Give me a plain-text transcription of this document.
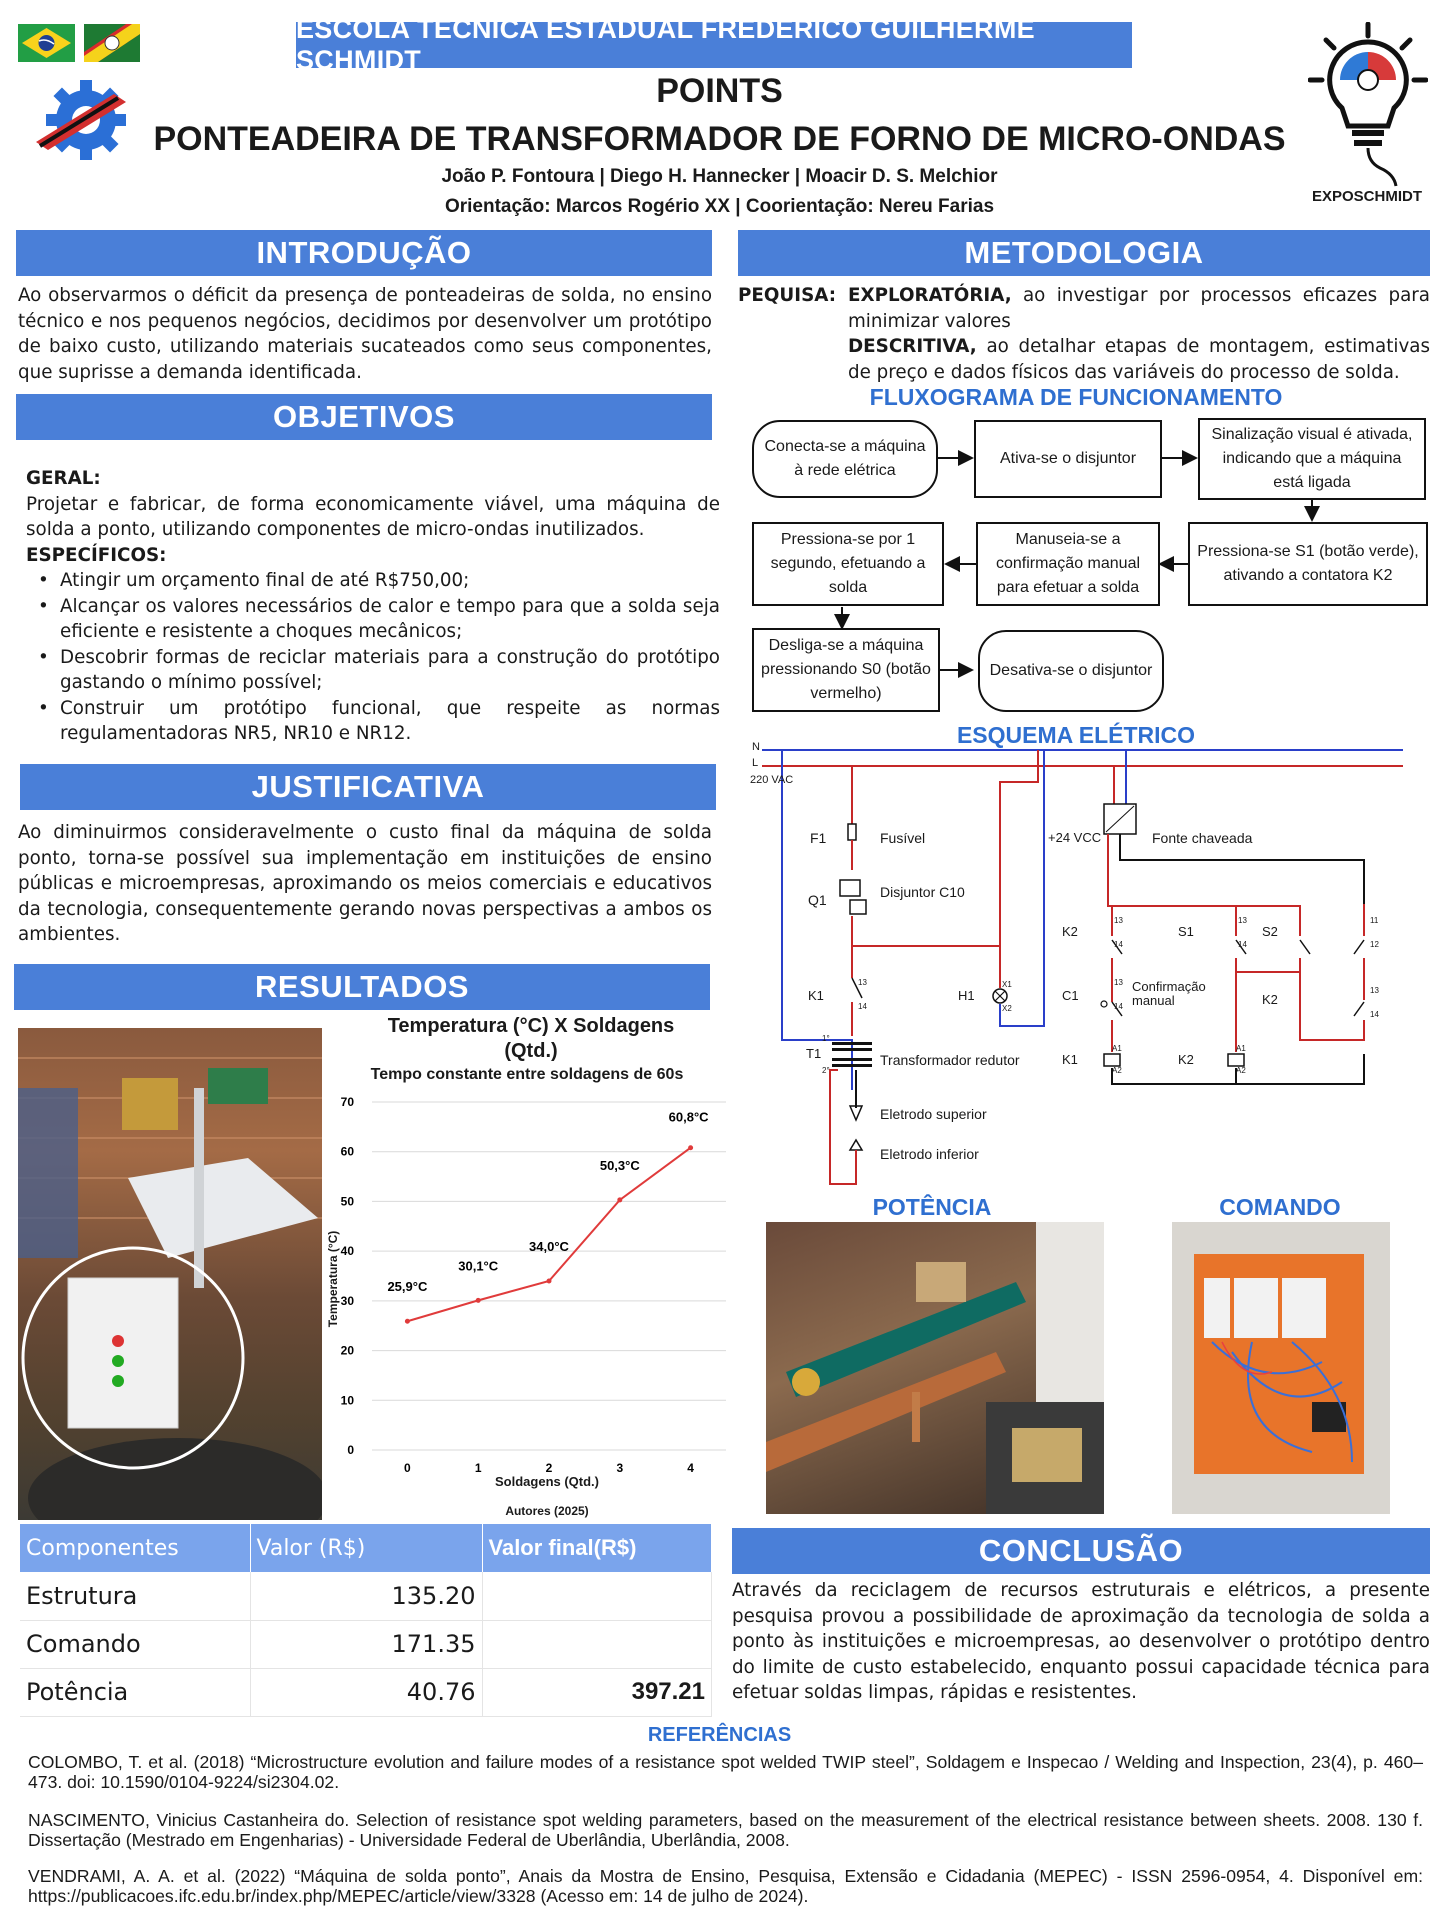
ESCOLA TÉCNICA ESTADUAL FREDERICO GUILHERME SCHMIDT
POINTS
PONTEADEIRA DE TRANSFORMADOR DE FORNO DE MICRO-ONDAS
João P. Fontoura | Diego H. Hannecker | Moacir D. S. Melchior
Orientação: Marcos Rogério XX | Coorientação: Nereu Farias	EXPOSCHMIDT
INTRODUÇÃO
Ao observarmos o déficit da presença de ponteadeiras de solda, no ensino técnico e nos pequenos negócios, decidimos por desenvolver um protótipo de baixo custo, utilizando materiais sucateados como seus componentes, que suprisse a demanda identificada.
OBJETIVOS
GERAL:
Projetar e fabricar, de forma economicamente viável, uma máquina de solda a ponto, utilizando componentes de micro-ondas inutilizados.
ESPECÍFICOS:
• Atingir um orçamento final de até R$750,00;
• Alcançar os valores necessários de calor e tempo para que a solda seja eficiente e resistente a choques mecânicos;
• Descobrir formas de reciclar materiais para a construção do protótipo gastando o mínimo possível;
• Construir um protótipo funcional, que respeite as normas regulamentadoras NR5, NR10 e NR12.
JUSTIFICATIVA
Ao diminuirmos consideravelmente o custo final da máquina de solda ponto, torna-se possível sua implementação em instituições de ensino públicas e microempresas, aproximando os meios comerciais e educativos da tecnologia, consequentemente gerando novas perspectivas a ambos os ambientes.
RESULTADOS
Temperatura (°C) X Soldagens (Qtd.)
Tempo constante entre soldagens de 60s
0
10
20
30
40
50
60
70
0	1	2	3	4
25,9°C
30,1°C
34,0°C
50,3°C
60,8°C
Soldagens (Qtd.)
Autores (2025)
Temperatura (°C)
Componentes	Valor (R$)	Valor final(R$)
Estrutura	135.20	
Comando	171.35	
Potência	40.76	397.21
METODOLOGIA
PEQUISA: EXPLORATÓRIA, ao investigar por processos eficazes para minimizar valores
DESCRITIVA, ao detalhar etapas de montagem, estimativas de preço e dados físicos das variáveis do processo de solda.
FLUXOGRAMA DE FUNCIONAMENTO
Conecta-se a máquina à rede elétrica
Ativa-se o disjuntor
Sinalização visual é ativada, indicando que a máquina está ligada
Pressiona-se S1 (botão verde), ativando a contatora K2
Manuseia-se a confirmação manual para efetuar a solda
Pressiona-se por 1 segundo, efetuando a solda
Desliga-se a máquina pressionando S0 (botão vermelho)
Desativa-se o disjuntor
ESQUEMA ELÉTRICO
N
L
220 VAC
F1	Fusível
Q1	Disjuntor C10
+24 VCC	Fonte chaveada
K2	S1	S2
K1	H1	C1
Confirmação manual	K2
T1	Transformador redutor	K1	K2
Eletrodo superior
Eletrodo inferior
13
14
X1
X2
13
14
13
14
A1
A2
13
14
A1
A2
11
12
13
14
1°
2°
POTÊNCIA	COMANDO
CONCLUSÃO
Através da reciclagem de recursos estruturais e elétricos, a presente pesquisa provou a possibilidade de aproximação da tecnologia de solda a ponto às instituições e microempresas, ao desenvolver o protótipo dentro do limite de custo estabelecido, enquanto possui capacidade técnica para efetuar soldas limpas, rápidas e resistentes.
REFERÊNCIAS
COLOMBO, T. et al. (2018) “Microstructure evolution and failure modes of a resistance spot welded TWIP steel”, Soldagem e Inspecao / Welding and Inspection, 23(4), p. 460–473. doi: 10.1590/0104-9224/si2304.02.
NASCIMENTO, Vinicius Castanheira do. Selection of resistance spot welding parameters, based on the measurement of the electrical resistance between sheets. 2008. 130 f. Dissertação (Mestrado em Engenharias) - Universidade Federal de Uberlândia, Uberlândia, 2008.
VENDRAMI, A. A. et al. (2022) “Máquina de solda ponto”, Anais da Mostra de Ensino, Pesquisa, Extensão e Cidadania (MEPEC) - ISSN 2596-0954, 4. Disponível em: https://publicacoes.ifc.edu.br/index.php/MEPEC/article/view/3328 (Acesso em: 14 de julho de 2024).
